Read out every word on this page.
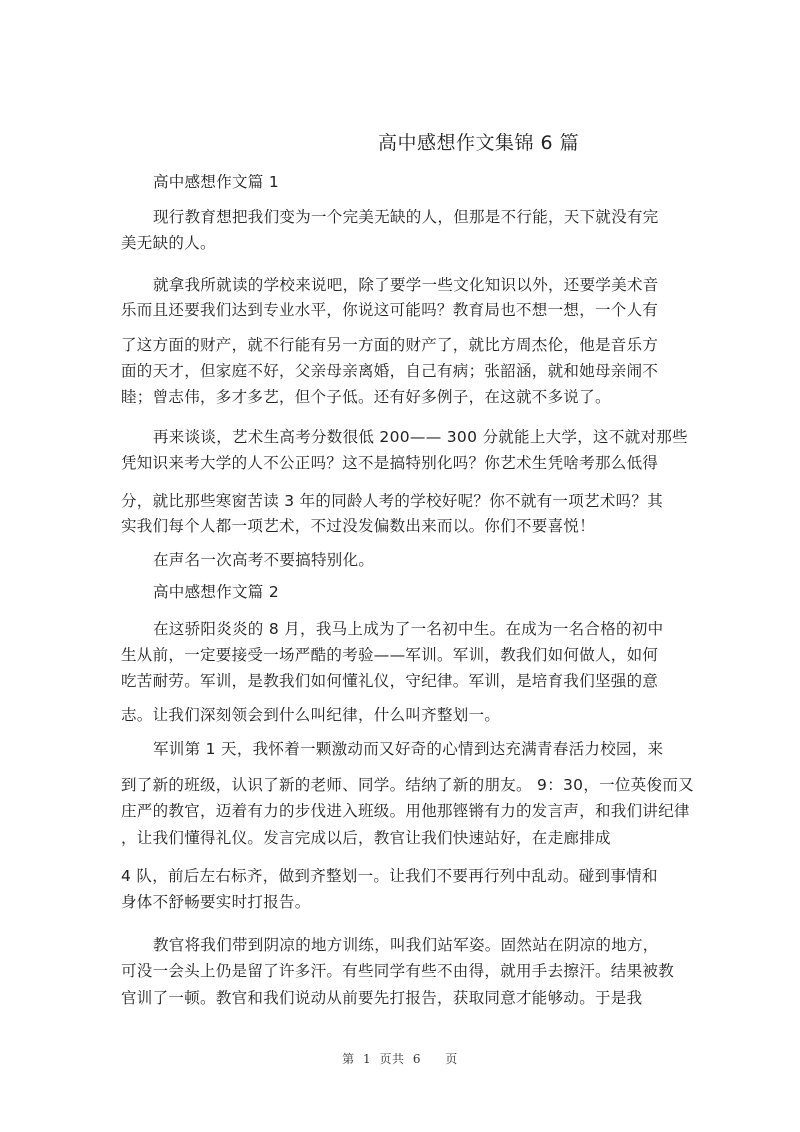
高中感想作文集锦 6 篇
高中感想作文篇 1
现行教育想把我们变为一个完美无缺的人，但那是不行能，天下就没有完
美无缺的人。
就拿我所就读的学校来说吧，除了要学一些文化知识以外，还要学美术音
乐而且还要我们达到专业水平，你说这可能吗？教育局也不想一想，一个人有
了这方面的财产，就不行能有另一方面的财产了，就比方周杰伦，他是音乐方
面的天才，但家庭不好，父亲母亲离婚，自己有病；张韶涵，就和她母亲闹不
睦；曾志伟，多才多艺，但个子低。还有好多例子，在这就不多说了。
再来谈谈，艺术生高考分数很低 200—— 300 分就能上大学，这不就对那些
凭知识来考大学的人不公正吗？这不是搞特别化吗？你艺术生凭啥考那么低得
分，就比那些寒窗苦读 3 年的同龄人考的学校好呢？你不就有一项艺术吗？其
实我们每个人都一项艺术，不过没发偏数出来而以。你们不要喜悦！
在声名一次高考不要搞特别化。
高中感想作文篇 2
在这骄阳炎炎的 8 月，我马上成为了一名初中生。在成为一名合格的初中
生从前，一定要接受一场严酷的考验——军训。军训，教我们如何做人，如何
吃苦耐劳。军训，是教我们如何懂礼仪，守纪律。军训，是培育我们坚强的意
志。让我们深刻领会到什么叫纪律，什么叫齐整划一。
军训第 1 天，我怀着一颗激动而又好奇的心情到达充满青春活力校园，来
到了新的班级，认识了新的老师、同学。结纳了新的朋友。 9：30，一位英俊而又
庄严的教官，迈着有力的步伐进入班级。用他那铿锵有力的发言声，和我们讲纪律
，让我们懂得礼仪。发言完成以后，教官让我们快速站好，在走廊排成
4 队，前后左右标齐，做到齐整划一。让我们不要再行列中乱动。碰到事情和
身体不舒畅要实时打报告。
教官将我们带到阴凉的地方训练，叫我们站军姿。固然站在阴凉的地方，
可没一会头上仍是留了许多汗。有些同学有些不由得，就用手去擦汗。结果被教
官训了一顿。教官和我们说动从前要先打报告，获取同意才能够动。于是我
第 1 页共 6 页
